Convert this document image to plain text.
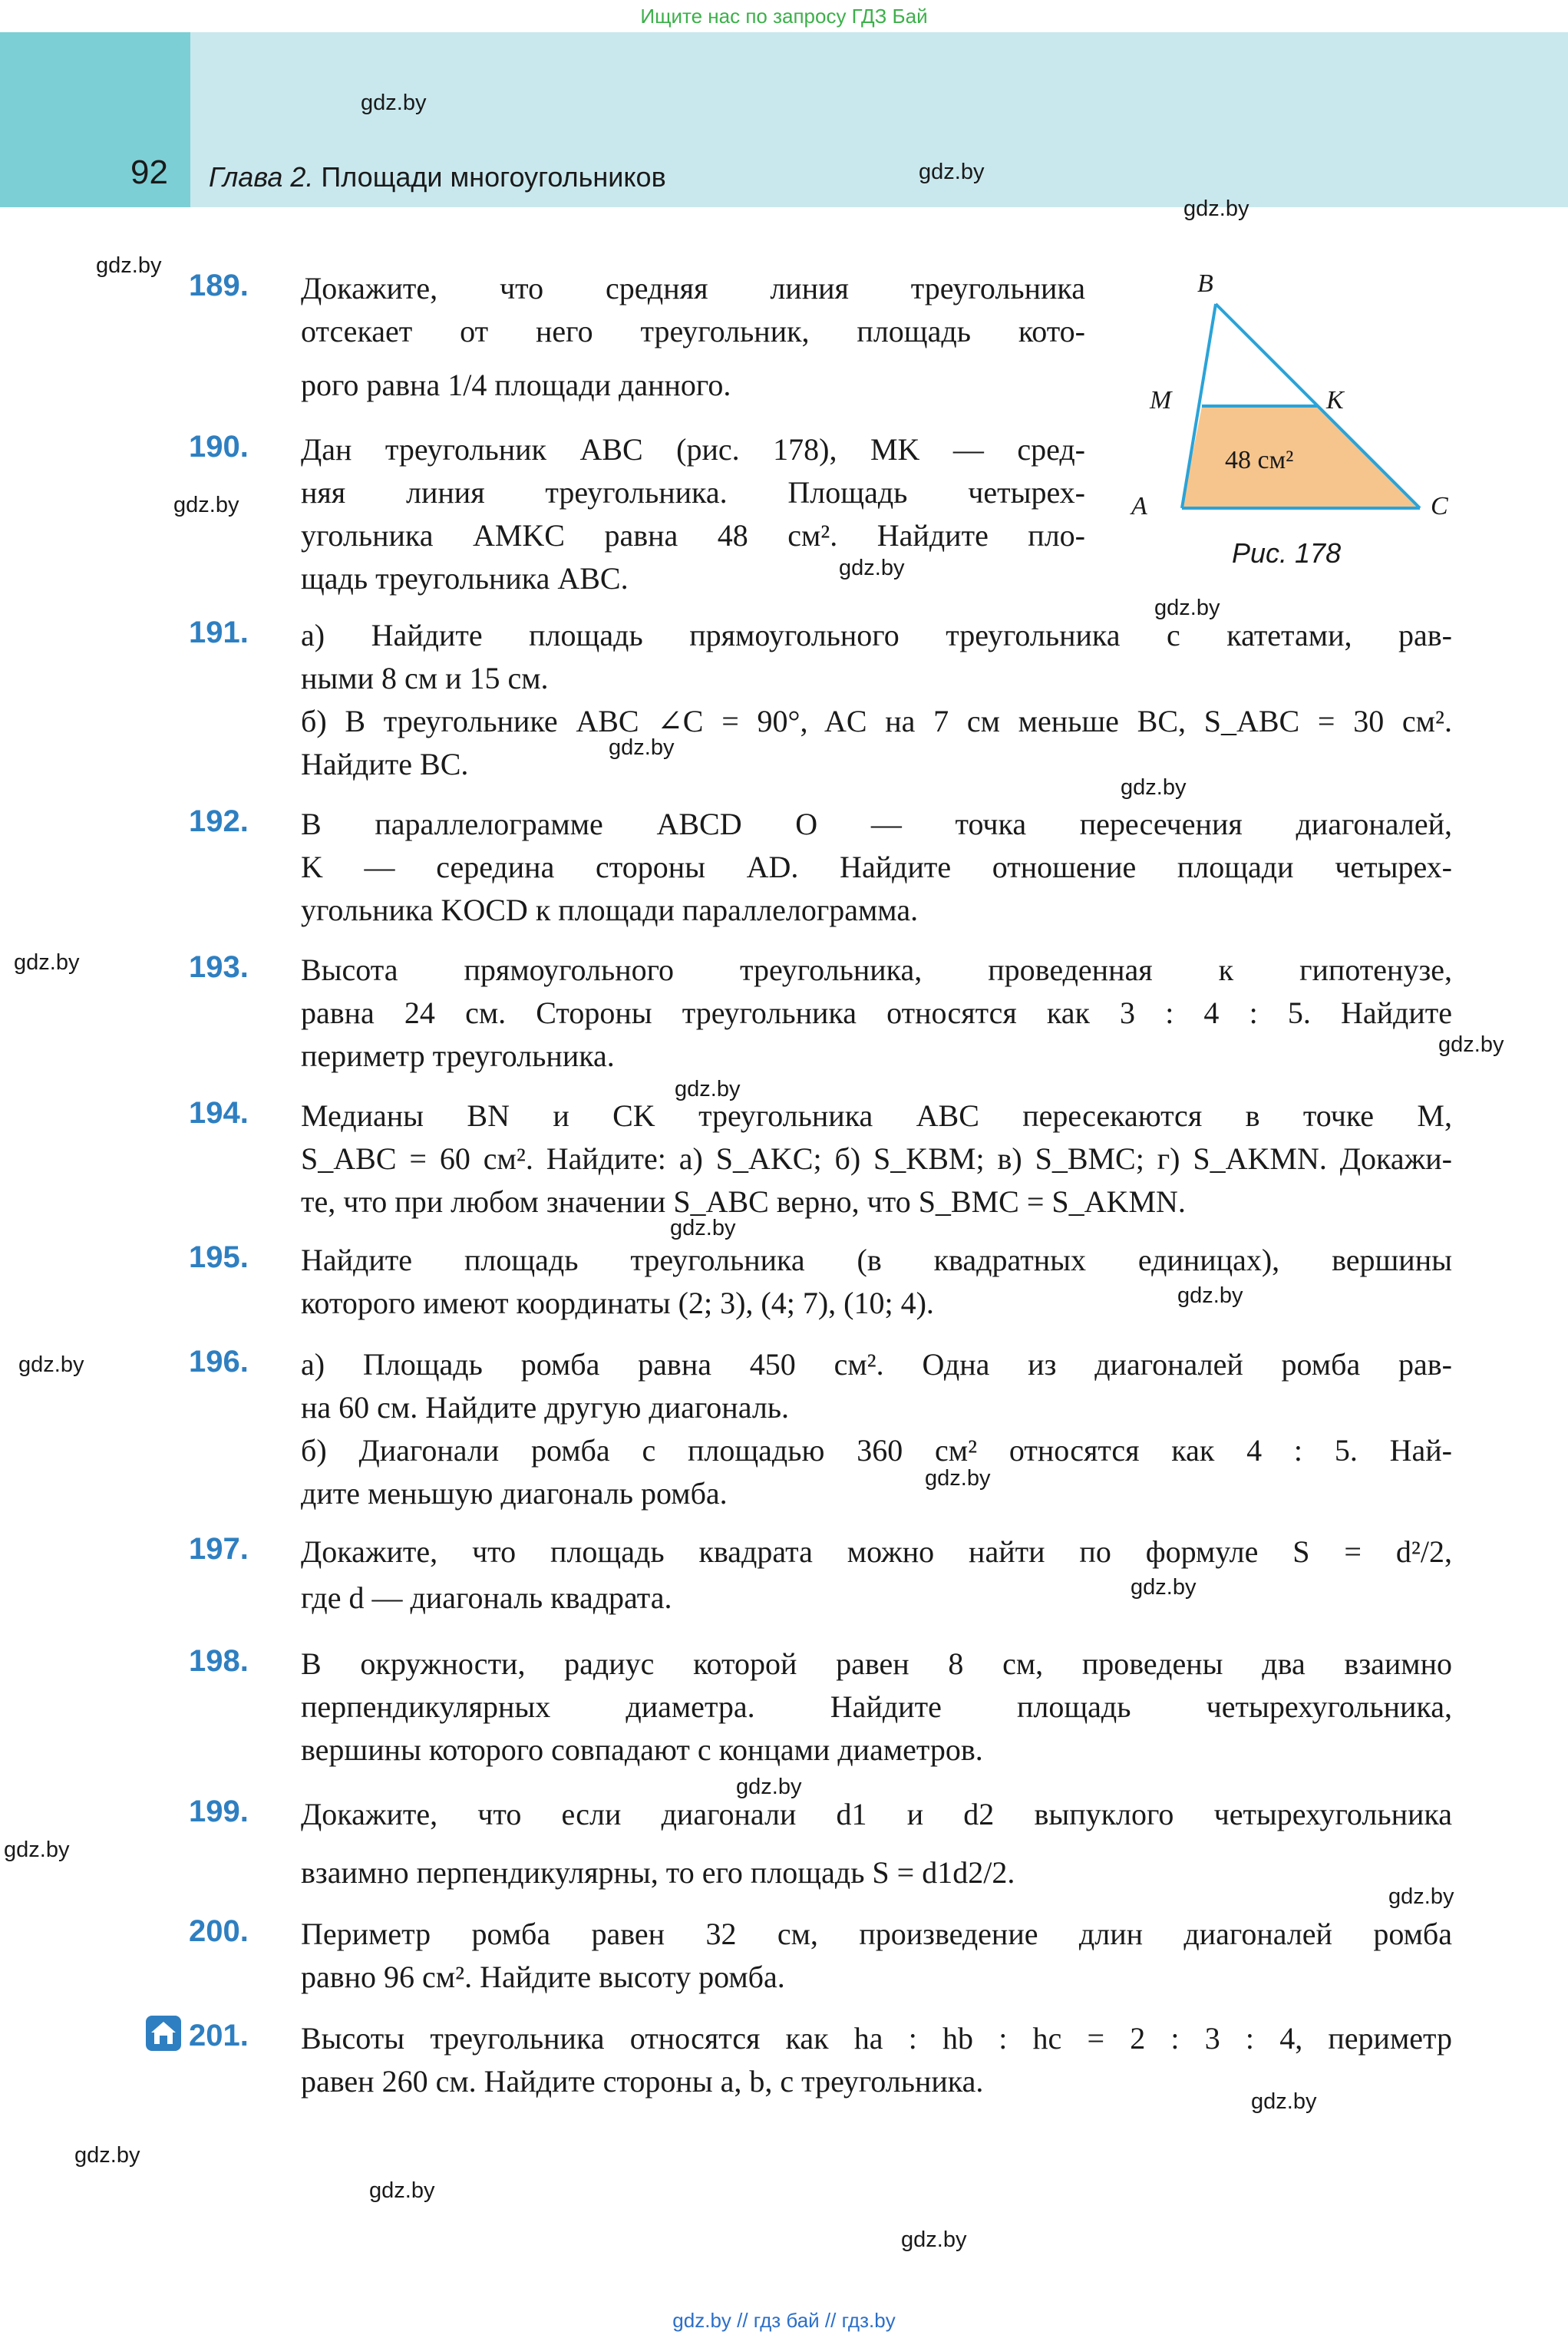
Ищите нас по запросу ГДЗ Бай
92 Глава 2. Площади многоугольников
B
M	K
A	C
48 см²
Рис. 178
189. Докажите, что средняя линия треугольника
отсекает от него треугольник, площадь кото-
рого равна 1/4 площади данного.
190. Дан треугольник ABC (рис. 178), MK — сред-
няя линия треугольника. Площадь четырех-
угольника AMKC равна 48 см². Найдите пло-
щадь треугольника ABC.
191. а) Найдите площадь прямоугольного треугольника с катетами, рав-
ными 8 см и 15 см.
б) В треугольнике ABC ∠C = 90°, AC на 7 см меньше BC, S_ABC = 30 см².
Найдите BC.
192. В параллелограмме ABCD O — точка пересечения диагоналей,
K — середина стороны AD. Найдите отношение площади четырех-
угольника KOCD к площади параллелограмма.
193. Высота прямоугольного треугольника, проведенная к гипотенузе,
равна 24 см. Стороны треугольника относятся как 3 : 4 : 5. Найдите
периметр треугольника.
194. Медианы BN и CK треугольника ABC пересекаются в точке M,
S_ABC = 60 см². Найдите: а) S_AKC; б) S_KBM; в) S_BMC; г) S_AKMN. Докажи-
те, что при любом значении S_ABC верно, что S_BMC = S_AKMN.
195. Найдите площадь треугольника (в квадратных единицах), вершины
которого имеют координаты (2; 3), (4; 7), (10; 4).
196. а) Площадь ромба равна 450 см². Одна из диагоналей ромба рав-
на 60 см. Найдите другую диагональ.
б) Диагонали ромба с площадью 360 см² относятся как 4 : 5. Най-
дите меньшую диагональ ромба.
197. Докажите, что площадь квадрата можно найти по формуле S = d²/2,
где d — диагональ квадрата.
198. В окружности, радиус которой равен 8 см, проведены два взаимно
перпендикулярных диаметра. Найдите площадь четырехугольника,
вершины которого совпадают с концами диаметров.
199. Докажите, что если диагонали d1 и d2 выпуклого четырехугольника
взаимно перпендикулярны, то его площадь S = d1d2/2.
200. Периметр ромба равен 32 см, произведение длин диагоналей ромба
равно 96 см². Найдите высоту ромба.
201. Высоты треугольника относятся как ha : hb : hc = 2 : 3 : 4, периметр
равен 260 см. Найдите стороны a, b, c треугольника.
gdz.by
gdz.by
gdz.by
gdz.by
gdz.by
gdz.by
gdz.by
gdz.by
gdz.by
gdz.by
gdz.by
gdz.by
gdz.by
gdz.by
gdz.by
gdz.by
gdz.by
gdz.by
gdz.by
gdz.by
gdz.by
gdz.by
gdz.by
gdz.by
gdz.by // гдз бай // гдз.by
